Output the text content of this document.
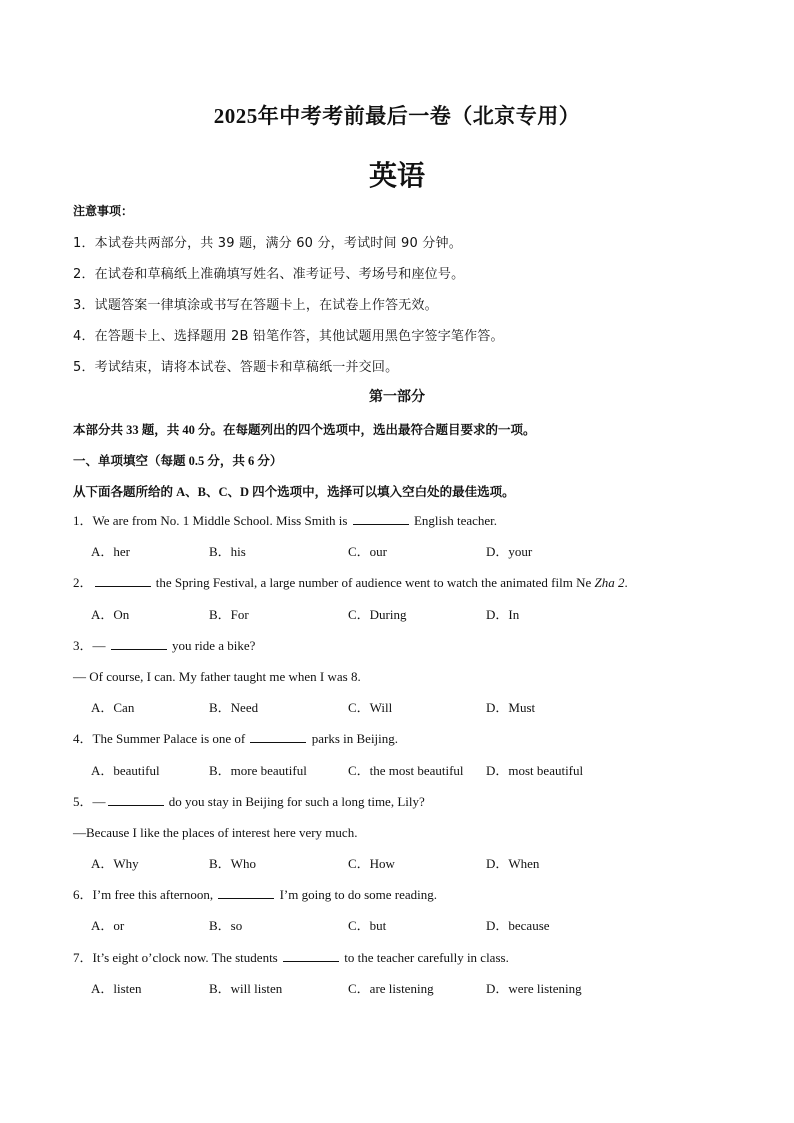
2025年中考考前最后一卷（北京专用）
英语
注意事项：
1．本试卷共两部分，共 39 题，满分 60 分，考试时间 90 分钟。
2．在试卷和草稿纸上准确填写姓名、准考证号、考场号和座位号。
3．试题答案一律填涂或书写在答题卡上，在试卷上作答无效。
4．在答题卡上、选择题用 2B 铅笔作答，其他试题用黑色字签字笔作答。
5．考试结束，请将本试卷、答题卡和草稿纸一并交回。
第一部分
本部分共 33 题，共 40 分。在每题列出的四个选项中，选出最符合题目要求的一项。
一、单项填空（每题 0.5 分，共 6 分）
从下面各题所给的 A、B、C、D 四个选项中，选择可以填入空白处的最佳选项。
1．We are from No. 1 Middle School. Miss Smith is	English teacher.
A．her	B．his	C．our	D．your
2．	the Spring Festival, a large number of audience went to watch the animated film Ne Zha 2.
A．On	B．For	C．During	D．In
3．—	you ride a bike?
— Of course, I can. My father taught me when I was 8.
A．Can	B．Need	C．Will	D．Must
4．The Summer Palace is one of	parks in Beijing.
A．beautiful	B．more beautiful	C．the most beautiful D．most beautiful
5．—	do you stay in Beijing for such a long time, Lily?
—Because I like the places of interest here very much.
A．Why	B．Who	C．How	D．When
6．I’m free this afternoon,	I’m going to do some reading.
A．or	B．so	C．but	D．because
7．It’s eight o’clock now. The students	to the teacher carefully in class.
A．listen	B．will listen	C．are listening	D．were listening
